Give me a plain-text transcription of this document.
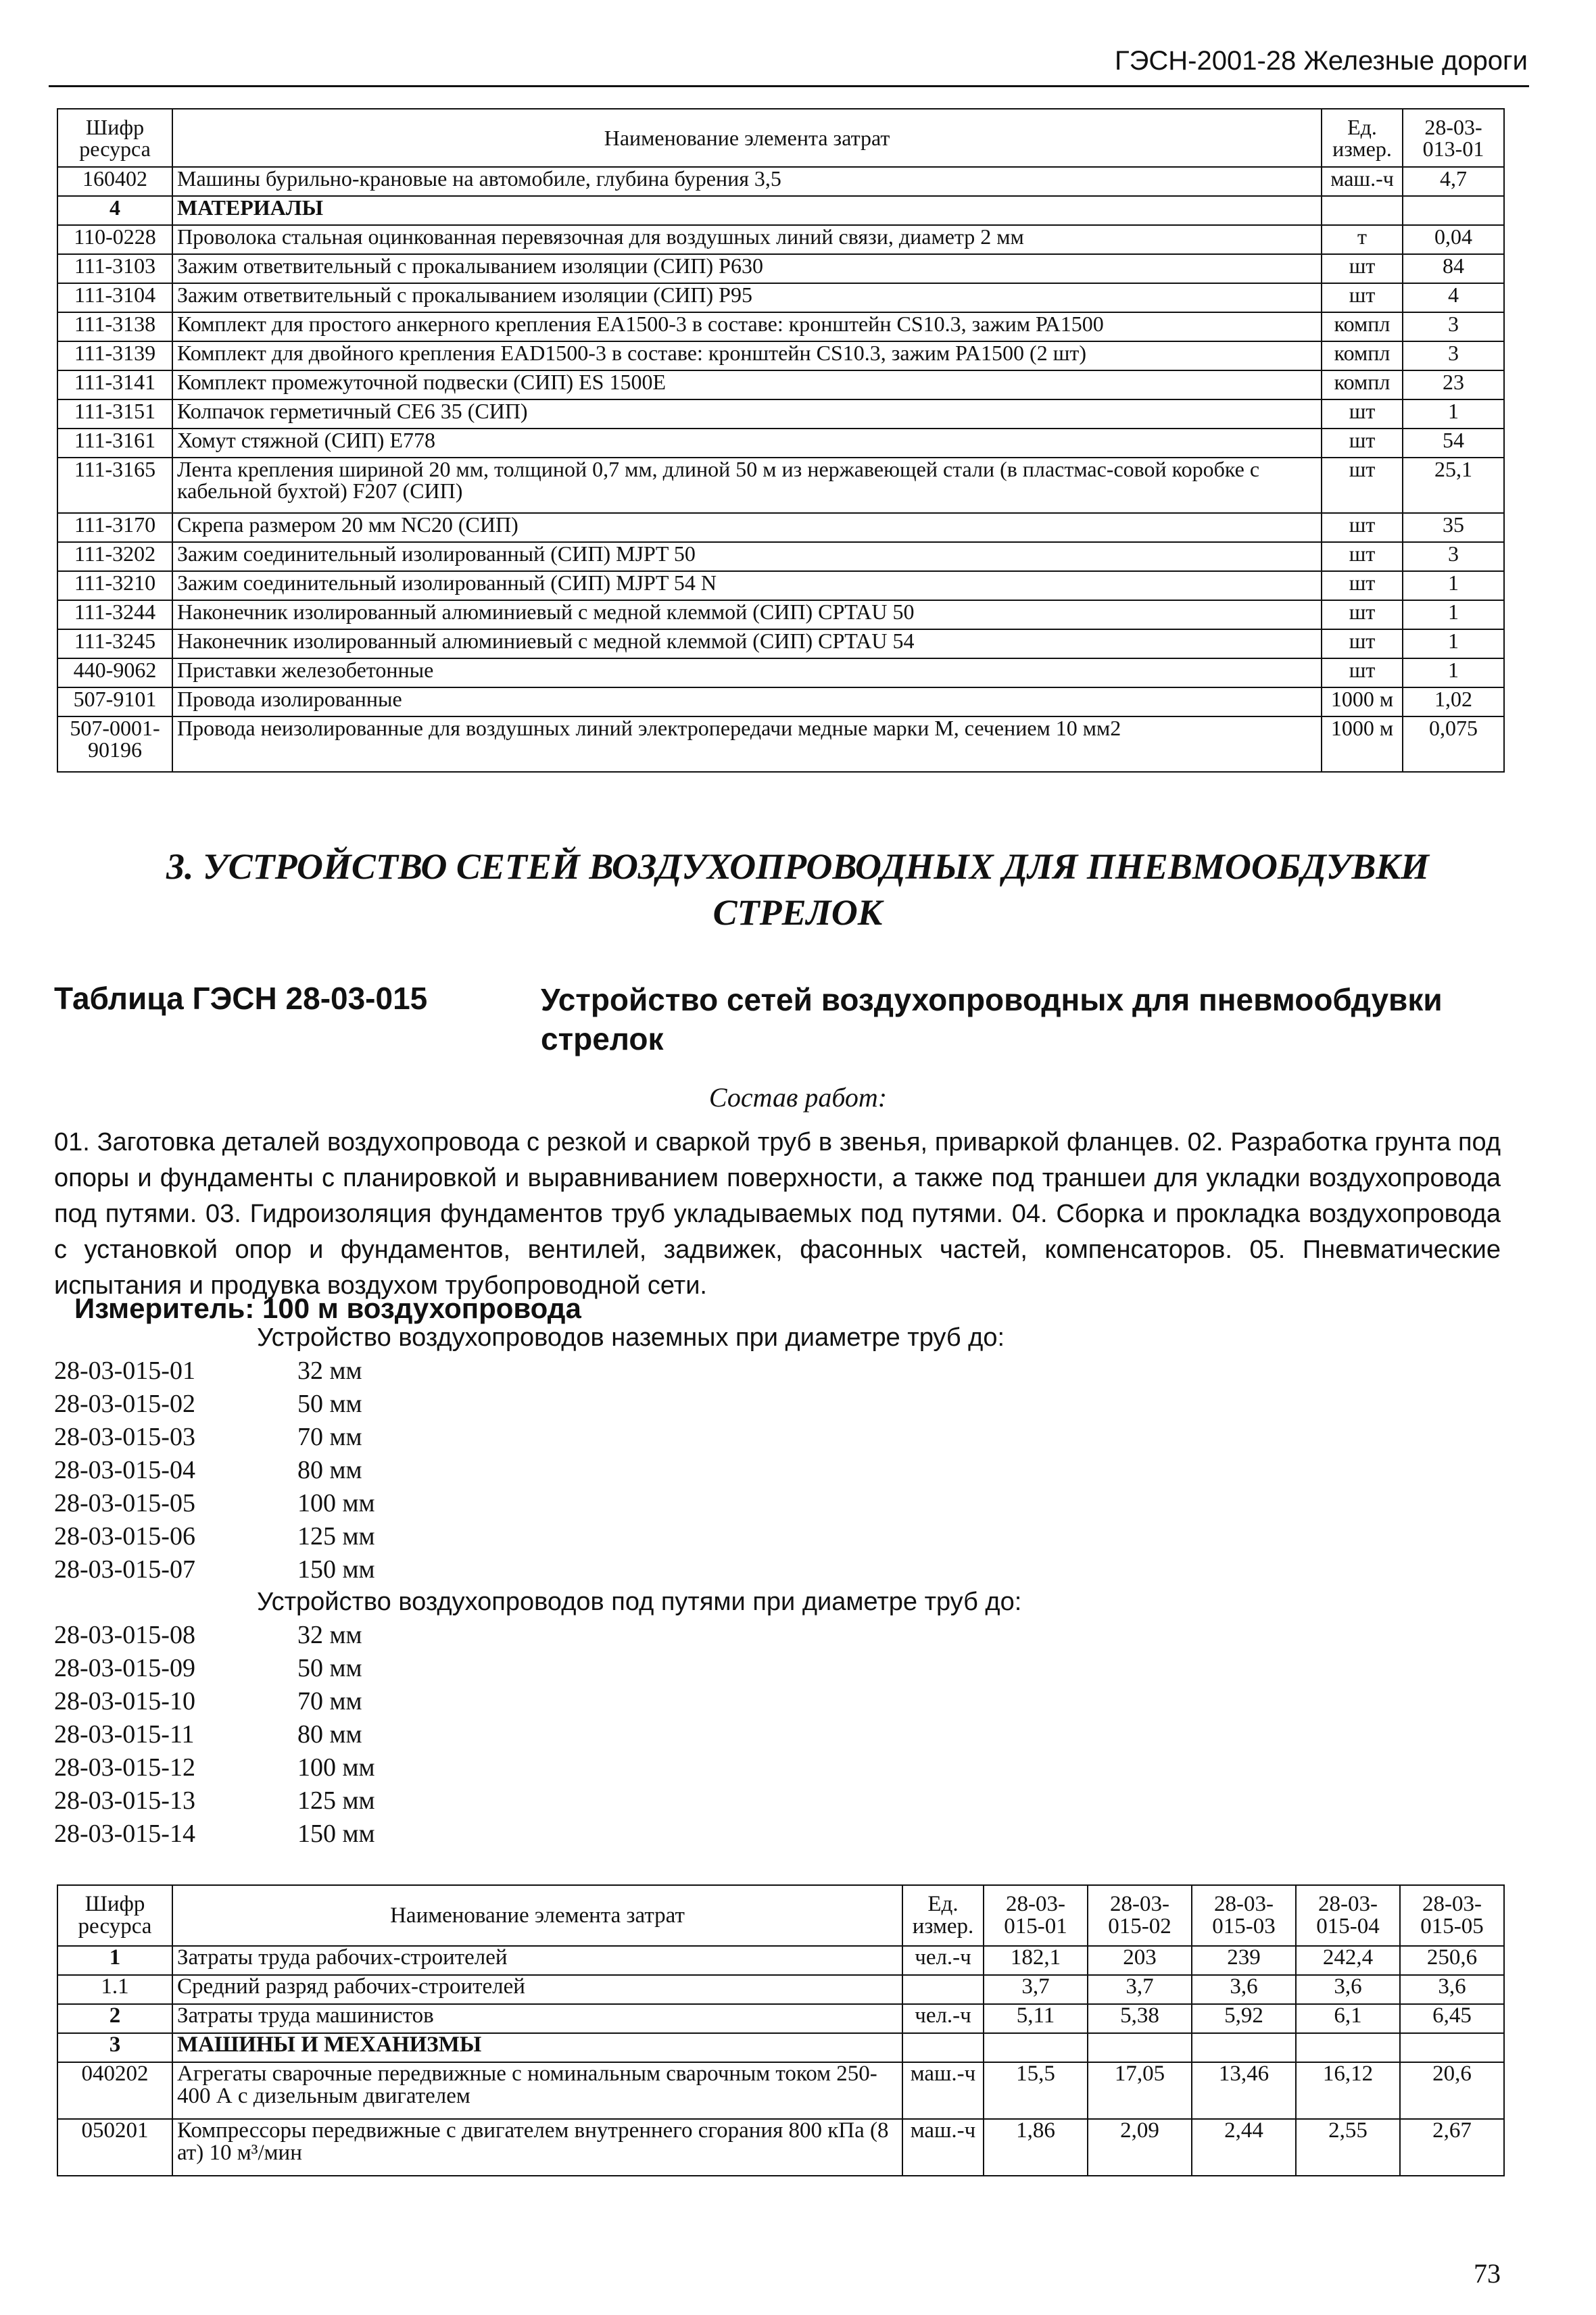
ГЭСН-2001-28 Железные дороги
Шифр ресурса	Наименование элемента затрат	Ед. измер.	28-03- 013-01
160402	Машины бурильно-крановые на автомобиле, глубина бурения 3,5	маш.-ч	4,7
4	МАТЕРИАЛЫ		
110-0228	Проволока стальная оцинкованная перевязочная для воздушных линий связи, диаметр 2 мм	т	0,04
111-3103	Зажим ответвительный с прокалыванием изоляции (СИП) Р630	шт	84
111-3104	Зажим ответвительный с прокалыванием изоляции (СИП) Р95	шт	4
111-3138	Комплект для простого анкерного крепления ЕА1500-3 в составе: кронштейн CS10.3, зажим РА1500	компл	3
111-3139	Комплект для двойного крепления EAD1500-3 в составе: кронштейн CS10.3, зажим PA1500 (2 шт)	компл	3
111-3141	Комплект промежуточной подвески (СИП) ES 1500E	компл	23
111-3151	Колпачок герметичный СЕ6 35 (СИП)	шт	1
111-3161	Хомут стяжной (СИП) Е778	шт	54
111-3165	Лента крепления шириной 20 мм, толщиной 0,7 мм, длиной 50 м из нержавеющей стали (в пластмас-совой коробке с кабельной бухтой) F207 (СИП)	шт	25,1
111-3170	Скрепа размером 20 мм NC20 (СИП)	шт	35
111-3202	Зажим соединительный изолированный (СИП) MJPT 50	шт	3
111-3210	Зажим соединительный изолированный (СИП) MJPT 54 N	шт	1
111-3244	Наконечник изолированный алюминиевый с медной клеммой (СИП) CPTAU 50	шт	1
111-3245	Наконечник изолированный алюминиевый с медной клеммой (СИП) CPTAU 54	шт	1
440-9062	Приставки железобетонные	шт	1
507-9101	Провода изолированные	1000 м	1,02
507-0001-90196	Провода неизолированные для воздушных линий электропередачи медные марки М, сечением 10 мм2	1000 м	0,075
3. УСТРОЙСТВО СЕТЕЙ ВОЗДУХОПРОВОДНЫХ ДЛЯ ПНЕВМООБДУВКИ СТРЕЛОК
Таблица ГЭСН 28-03-015	Устройство сетей воздухопроводных для пневмообдувки стрелок
Состав работ:
01. Заготовка деталей воздухопровода с резкой и сваркой труб в звенья, приваркой фланцев. 02. Разработка грунта под опоры и фундаменты с планировкой и выравниванием поверхности, а также под траншеи для укладки воздухопровода под путями. 03. Гидроизоляция фундаментов труб укладываемых под путями. 04. Сборка и прокладка воздухопровода с установкой опор и фундаментов, вентилей, задвижек, фасонных частей, компенсаторов. 05. Пневматические испытания и продувка воздухом трубопроводной сети.
Измеритель: 100 м воздухопровода
Устройство воздухопроводов наземных при диаметре труб до:
28-03-015-01	32 мм
28-03-015-02	50 мм
28-03-015-03	70 мм
28-03-015-04	80 мм
28-03-015-05	100 мм
28-03-015-06	125 мм
28-03-015-07	150 мм
Устройство воздухопроводов под путями при диаметре труб до:
28-03-015-08	32 мм
28-03-015-09	50 мм
28-03-015-10	70 мм
28-03-015-11	80 мм
28-03-015-12	100 мм
28-03-015-13	125 мм
28-03-015-14	150 мм
Шифр ресурса	Наименование элемента затрат	Ед. измер.	28-03- 015-01	28-03- 015-02	28-03- 015-03	28-03- 015-04	28-03- 015-05
1	Затраты труда рабочих-строителей	чел.-ч	182,1	203	239	242,4	250,6
1.1	Средний разряд рабочих-строителей		3,7	3,7	3,6	3,6	3,6
2	Затраты труда машинистов	чел.-ч	5,11	5,38	5,92	6,1	6,45
3	МАШИНЫ И МЕХАНИЗМЫ						
040202	Агрегаты сварочные передвижные с номинальным сварочным током 250-400 А с дизельным двигателем	маш.-ч	15,5	17,05	13,46	16,12	20,6
050201	Компрессоры передвижные с двигателем внутреннего сгорания 800 кПа (8 ат) 10 м³/мин	маш.-ч	1,86	2,09	2,44	2,55	2,67
73
